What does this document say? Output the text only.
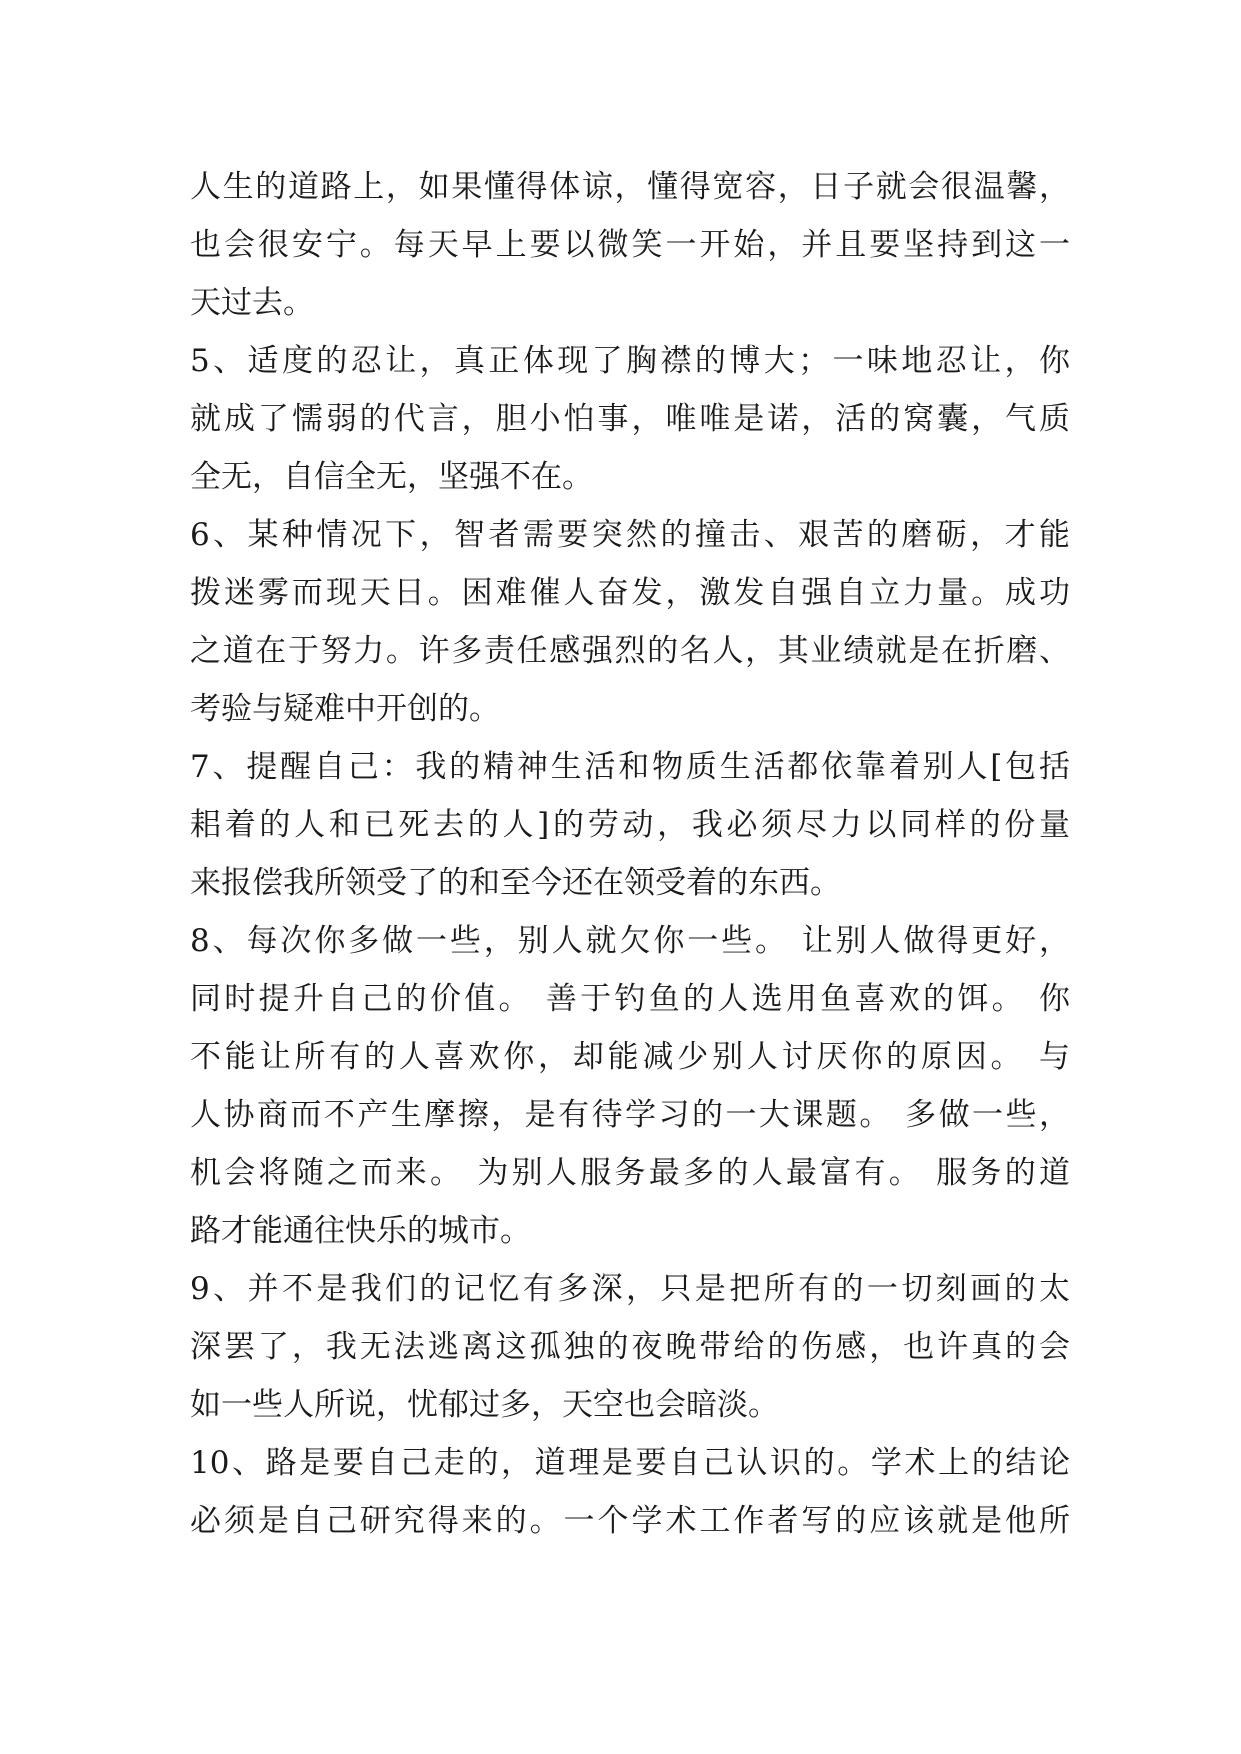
人生的道路上，如果懂得体谅，懂得宽容，日子就会很温馨，
也会很安宁。每天早上要以微笑一开始，并且要坚持到这一
天过去。
5、适度的忍让，真正体现了胸襟的博大；一味地忍让，你
就成了懦弱的代言，胆小怕事，唯唯是诺，活的窝囊，气质
全无，自信全无，坚强不在。
6、某种情况下，智者需要突然的撞击、艰苦的磨砺，才能
拨迷雾而现天日。困难催人奋发，激发自强自立力量。成功
之道在于努力。许多责任感强烈的名人，其业绩就是在折磨、
考验与疑难中开创的。
7、提醒自己：我的精神生活和物质生活都依靠着别人[包括
耜着的人和已死去的人]的劳动，我必须尽力以同样的份量
来报偿我所领受了的和至今还在领受着的东西。
8、每次你多做一些，别人就欠你一些。 让别人做得更好，
同时提升自己的价值。 善于钓鱼的人选用鱼喜欢的饵。 你
不能让所有的人喜欢你，却能减少别人讨厌你的原因。 与
人协商而不产生摩擦，是有待学习的一大课题。 多做一些，
机会将随之而来。 为别人服务最多的人最富有。 服务的道
路才能通往快乐的城市。
9、并不是我们的记忆有多深，只是把所有的一切刻画的太
深罢了，我无法逃离这孤独的夜晚带给的伤感，也许真的会
如一些人所说，忧郁过多，天空也会暗淡。
10、路是要自己走的，道理是要自己认识的。学术上的结论
必须是自己研究得来的。一个学术工作者写的应该就是他所
